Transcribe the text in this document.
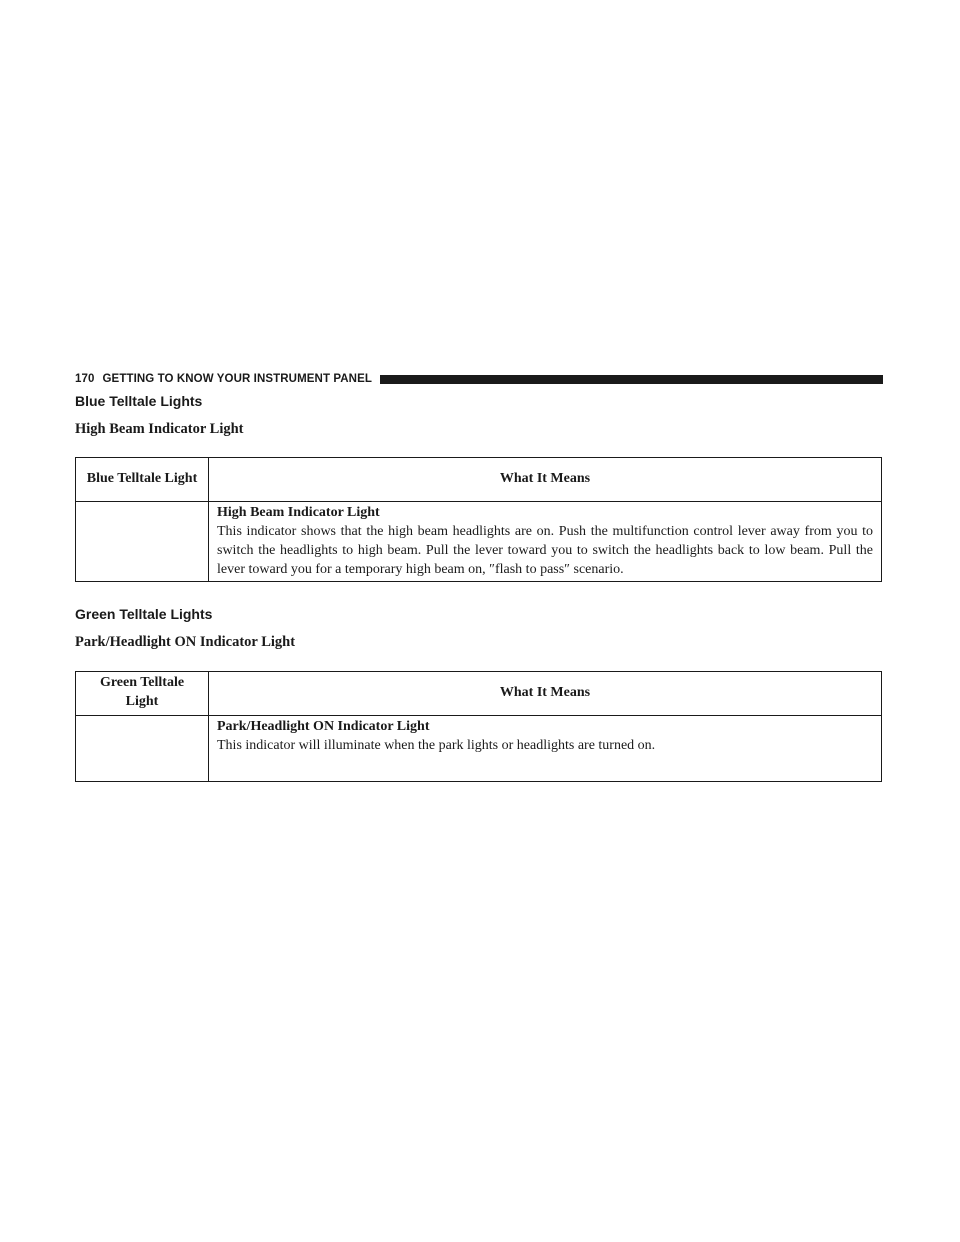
170 GETTING TO KNOW YOUR INSTRUMENT PANEL
Blue Telltale Lights
High Beam Indicator Light
Blue Telltale Light	What It Means

	High Beam Indicator Light
This indicator shows that the high beam headlights are on. Push the multifunction control lever away from you to switch the headlights to high beam. Pull the lever toward you to switch the headlights back to low beam. Pull the lever toward you for a temporary high beam on, ″flash to pass″ scenario.
Green Telltale Lights
Park/Headlight ON Indicator Light
Green Telltale Light	What It Means

	Park/Headlight ON Indicator Light
This indicator will illuminate when the park lights or headlights are turned on.
